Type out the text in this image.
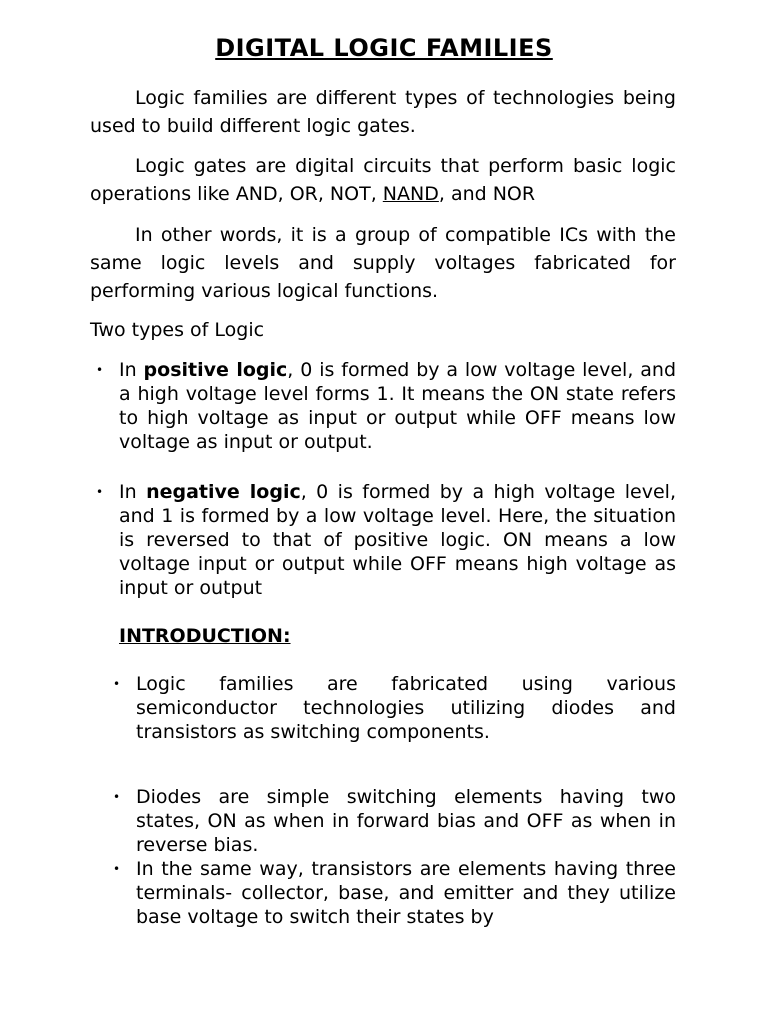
DIGITAL LOGIC FAMILIES

Logic families are different types of technologies being used to build different logic gates.

Logic gates are digital circuits that perform basic logic operations like AND, OR, NOT, NAND, and NOR

In other words, it is a group of compatible ICs with the same logic levels and supply voltages fabricated for performing various logical functions.

Two types of Logic

• In positive logic, 0 is formed by a low voltage level, and a high voltage level forms 1. It means the ON state refers to high voltage as input or output while OFF means low voltage as input or output.

• In negative logic, 0 is formed by a high voltage level, and 1 is formed by a low voltage level. Here, the situation is reversed to that of positive logic. ON means a low voltage input or output while OFF means high voltage as input or output

INTRODUCTION:

• Logic families are fabricated using various semiconductor technologies utilizing diodes and transistors as switching components.

• Diodes are simple switching elements having two states, ON as when in forward bias and OFF as when in reverse bias.

• In the same way, transistors are elements having three terminals- collector, base, and emitter and they utilize base voltage to switch their states by
